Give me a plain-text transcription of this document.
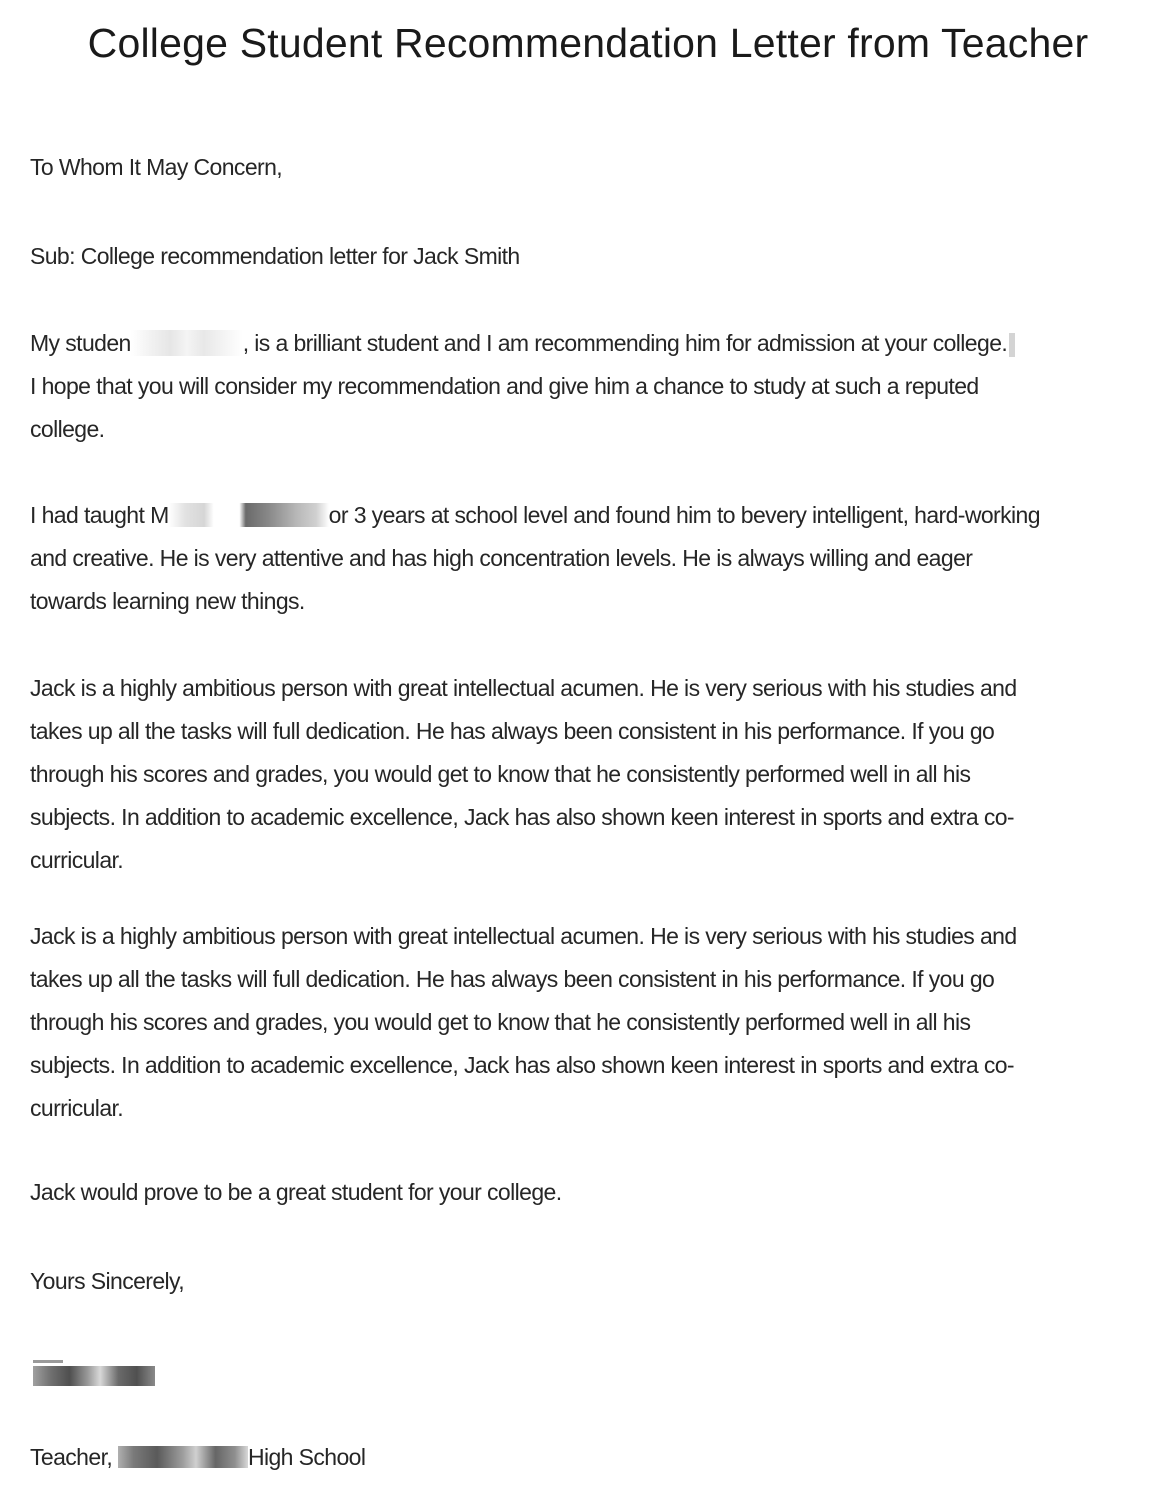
College Student Recommendation Letter from Teacher
To Whom It May Concern,
Sub: College recommendation letter for Jack Smith

My studen	, is a brilliant student and I am recommending him for admission at your college.

I hope that you will consider my recommendation and give him a chance to study at such a reputed

college.

I had taught M	or 3 years at school level and found him to bevery intelligent, hard-working

and creative. He is very attentive and has high concentration levels. He is always willing and eager

towards learning new things.

Jack is a highly ambitious person with great intellectual acumen. He is very serious with his studies and

takes up all the tasks will full dedication. He has always been consistent in his performance. If you go

through his scores and grades, you would get to know that he consistently performed well in all his

subjects. In addition to academic excellence, Jack has also shown keen interest in sports and extra co-

curricular.

Jack is a highly ambitious person with great intellectual acumen. He is very serious with his studies and

takes up all the tasks will full dedication. He has always been consistent in his performance. If you go

through his scores and grades, you would get to know that he consistently performed well in all his

subjects. In addition to academic excellence, Jack has also shown keen interest in sports and extra co-

curricular.

Jack would prove to be a great student for your college.
Yours Sincerely,
Teacher,	High School
